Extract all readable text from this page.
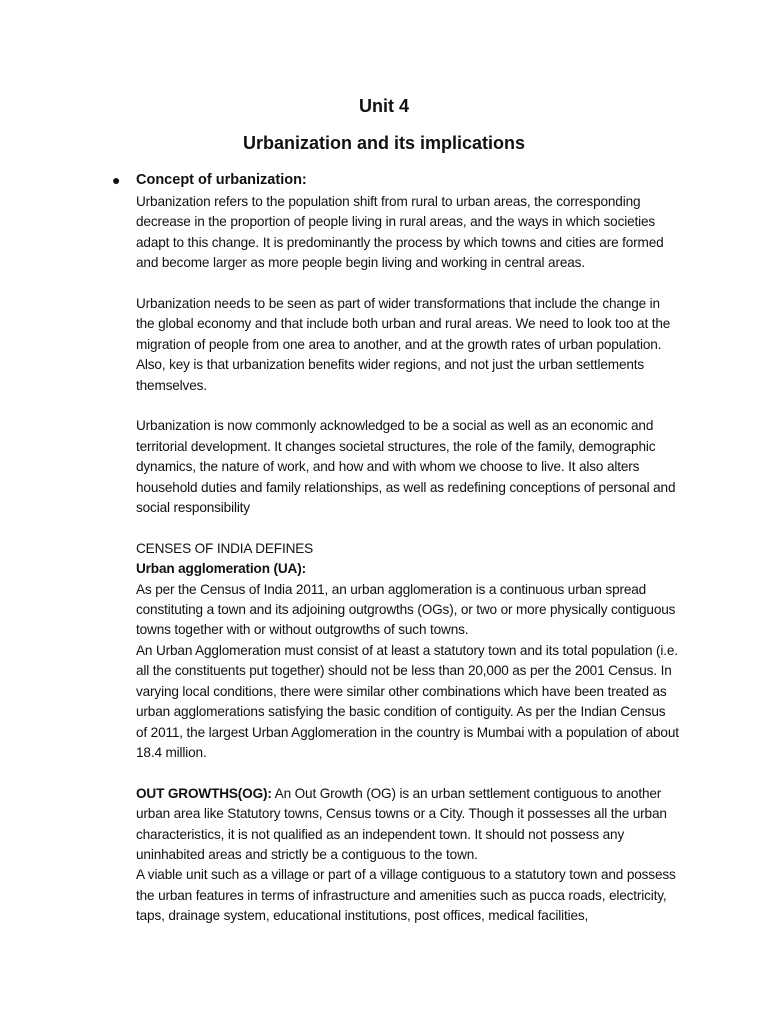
Unit 4
Urbanization and its implications
● Concept of urbanization:

Urbanization refers to the population shift from rural to urban areas, the corresponding decrease in the proportion of people living in rural areas, and the ways in which societies adapt to this change. It is predominantly the process by which towns and cities are formed and become larger as more people begin living and working in central areas.

Urbanization needs to be seen as part of wider transformations that include the change in the global economy and that include both urban and rural areas. We need to look too at the migration of people from one area to another, and at the growth rates of urban population. Also, key is that urbanization benefits wider regions, and not just the urban settlements themselves.

Urbanization is now commonly acknowledged to be a social as well as an economic and territorial development. It changes societal structures, the role of the family, demographic dynamics, the nature of work, and how and with whom we choose to live. It also alters household duties and family relationships, as well as redefining conceptions of personal and social responsibility

CENSES OF INDIA DEFINES

Urban agglomeration (UA):

As per the Census of India 2011, an urban agglomeration is a continuous urban spread constituting a town and its adjoining outgrowths (OGs), or two or more physically contiguous towns together with or without outgrowths of such towns.

An Urban Agglomeration must consist of at least a statutory town and its total population (i.e. all the constituents put together) should not be less than 20,000 as per the 2001 Census. In varying local conditions, there were similar other combinations which have been treated as urban agglomerations satisfying the basic condition of contiguity. As per the Indian Census of 2011, the largest Urban Agglomeration in the country is Mumbai with a population of about 18.4 million.

OUT GROWTHS(OG): An Out Growth (OG) is an urban settlement contiguous to another urban area like Statutory towns, Census towns or a City. Though it possesses all the urban characteristics, it is not qualified as an independent town. It should not possess any uninhabited areas and strictly be a contiguous to the town.

A viable unit such as a village or part of a village contiguous to a statutory town and possess the urban features in terms of infrastructure and amenities such as pucca roads, electricity, taps, drainage system, educational institutions, post offices, medical facilities,
